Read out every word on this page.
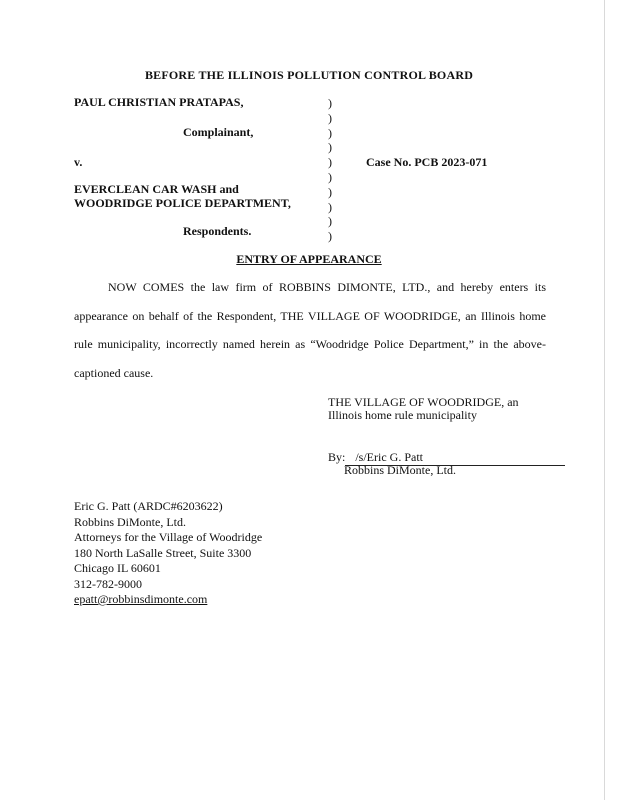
BEFORE THE ILLINOIS POLLUTION CONTROL BOARD
PAUL CHRISTIAN PRATAPAS,
Complainant,
v.
EVERCLEAN CAR WASH and
WOODRIDGE POLICE DEPARTMENT,
Respondents.
)
)
)
)
)
)
)
)
)
)
Case No. PCB 2023-071
ENTRY OF APPEARANCE
NOW COMES the law firm of ROBBINS DIMONTE, LTD., and hereby enters its appearance on behalf of the Respondent, THE VILLAGE OF WOODRIDGE, an Illinois home rule municipality, incorrectly named herein as “Woodridge Police Department,” in the above-captioned cause.
THE VILLAGE OF WOODRIDGE, an
Illinois home rule municipality
By: /s/Eric G. Patt
Robbins DiMonte, Ltd.
Eric G. Patt (ARDC#6203622)
Robbins DiMonte, Ltd.
Attorneys for the Village of Woodridge
180 North LaSalle Street, Suite 3300
Chicago IL 60601
312-782-9000
epatt@robbinsdimonte.com
